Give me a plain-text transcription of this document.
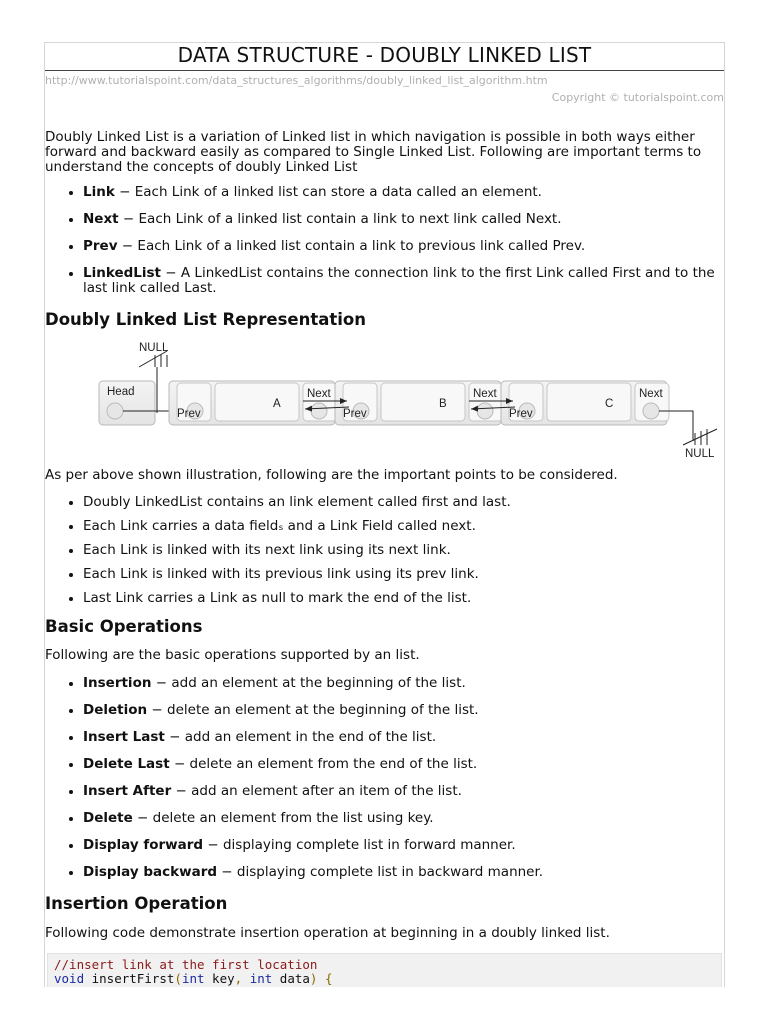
DATA STRUCTURE - DOUBLY LINKED LIST
http://www.tutorialspoint.com/data_structures_algorithms/doubly_linked_list_algorithm.htm
Copyright © tutorialspoint.com
Doubly Linked List is a variation of Linked list in which navigation is possible in both ways either forward and backward easily as compared to Single Linked List. Following are important terms to understand the concepts of doubly Linked List
Link − Each Link of a linked list can store a data called an element.
Next − Each Link of a linked list contain a link to next link called Next.
Prev − Each Link of a linked list contain a link to previous link called Prev.
LinkedList − A LinkedList contains the connection link to the first Link called First and to the last link called Last.
Doubly Linked List Representation
NULL
Head
Prev
A
Next
Prev
B
Next
Prev
C
Next
NULL
As per above shown illustration, following are the important points to be considered.
Doubly LinkedList contains an link element called first and last.
Each Link carries a data fieldₛ and a Link Field called next.
Each Link is linked with its next link using its next link.
Each Link is linked with its previous link using its prev link.
Last Link carries a Link as null to mark the end of the list.
Basic Operations
Following are the basic operations supported by an list.
Insertion − add an element at the beginning of the list.
Deletion − delete an element at the beginning of the list.
Insert Last − add an element in the end of the list.
Delete Last − delete an element from the end of the list.
Insert After − add an element after an item of the list.
Delete − delete an element from the list using key.
Display forward − displaying complete list in forward manner.
Display backward − displaying complete list in backward manner.
Insertion Operation
Following code demonstrate insertion operation at beginning in a doubly linked list.
//insert link at the first location
void insertFirst(int key, int data) {
